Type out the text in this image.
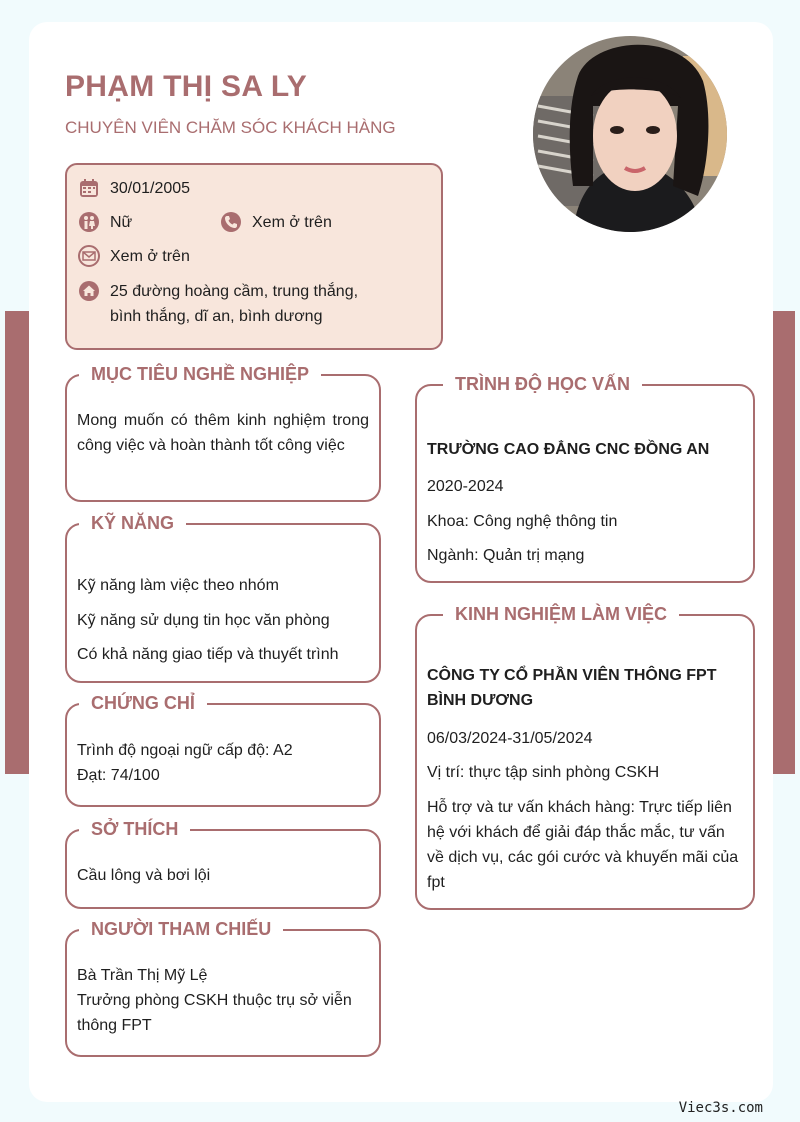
PHẠM THỊ SA LY
CHUYÊN VIÊN CHĂM SÓC KHÁCH HÀNG
30/01/2005
Nữ	Xem ở trên
Xem ở trên
25 đường hoàng cầm, trung thắng,
bình thắng, dĩ an, bình dương
MỤC TIÊU NGHỀ NGHIỆP
Mong muốn có thêm kinh nghiệm trong công việc và hoàn thành tốt công việc
KỸ NĂNG
Kỹ năng làm việc theo nhóm
Kỹ năng sử dụng tin học văn phòng
Có khả năng giao tiếp và thuyết trình
CHỨNG CHỈ
Trình độ ngoại ngữ cấp độ: A2
Đạt: 74/100
SỞ THÍCH
Cầu lông và bơi lội
NGƯỜI THAM CHIẾU
Bà Trần Thị Mỹ Lệ
Trưởng phòng CSKH thuộc trụ sở viễn thông FPT
TRÌNH ĐỘ HỌC VẤN
TRƯỜNG CAO ĐẲNG CNC ĐỒNG AN
2020-2024
Khoa: Công nghệ thông tin
Ngành: Quản trị mạng
KINH NGHIỆM LÀM VIỆC
CÔNG TY CỔ PHẦN VIÊN THÔNG FPT BÌNH DƯƠNG
06/03/2024-31/05/2024
Vị trí: thực tập sinh phòng CSKH
Hỗ trợ và tư vấn khách hàng: Trực tiếp liên hệ với khách để giải đáp thắc mắc, tư vấn về dịch vụ, các gói cước và khuyến mãi của fpt
Viec3s.com
